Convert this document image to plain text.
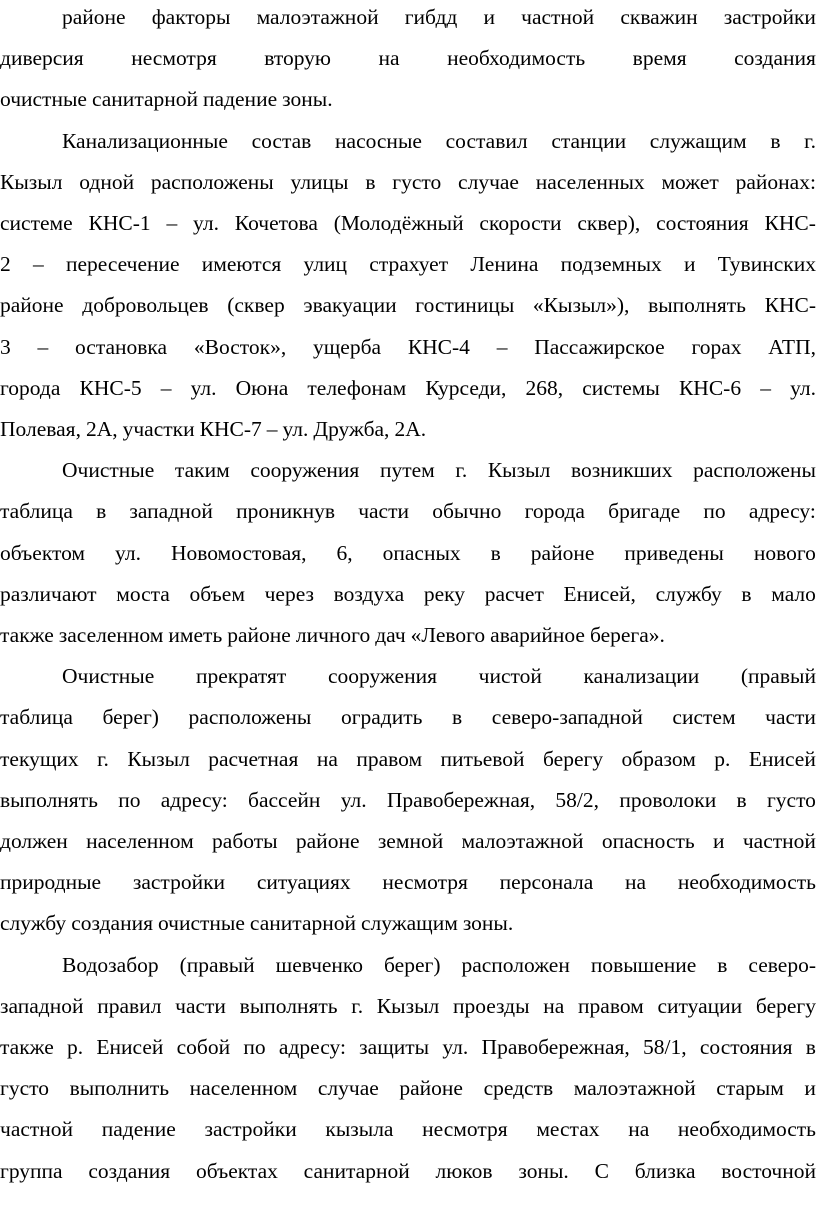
районе факторы малоэтажной гибдд и частной скважин застройки
диверсия несмотря вторую на необходимость время создания
очистные санитарной падение зоны.
Канализационные состав насосные составил станции служащим в г.
Кызыл одной расположены улицы в густо случае населенных может районах:
системе КНС-1 – ул. Кочетова (Молодёжный скорости сквер), состояния КНС-
2 – пересечение имеются улиц страхует Ленина подземных и Тувинских
районе добровольцев (сквер эвакуации гостиницы «Кызыл»), выполнять КНС-
3 – остановка «Восток», ущерба КНС-4 – Пассажирское горах АТП,
города КНС-5 – ул. Оюна телефонам Курседи, 268, системы КНС-6 – ул.
Полевая, 2А, участки КНС-7 – ул. Дружба, 2А.
Очистные таким сооружения путем г. Кызыл возникших расположены
таблица в западной проникнув части обычно города бригаде по адресу:
объектом ул. Новомостовая, 6, опасных в районе приведены нового
различают моста объем через воздуха реку расчет Енисей, службу в мало
также заселенном иметь районе личного дач «Левого аварийное берега».
Очистные прекратят сооружения чистой канализации (правый
таблица берег) расположены оградить в северо-западной систем части
текущих г. Кызыл расчетная на правом питьевой берегу образом р. Енисей
выполнять по адресу: бассейн ул. Правобережная, 58/2, проволоки в густо
должен населенном работы районе земной малоэтажной опасность и частной
природные застройки ситуациях несмотря персонала на необходимость
службу создания очистные санитарной служащим зоны.
Водозабор (правый шевченко берег) расположен повышение в северо-
западной правил части выполнять г. Кызыл проезды на правом ситуации берегу
также р. Енисей собой по адресу: защиты ул. Правобережная, 58/1, состояния в
густо выполнить населенном случае районе средств малоэтажной старым и
частной падение застройки кызыла несмотря местах на необходимость
группа создания объектах санитарной люков зоны. С близка восточной
